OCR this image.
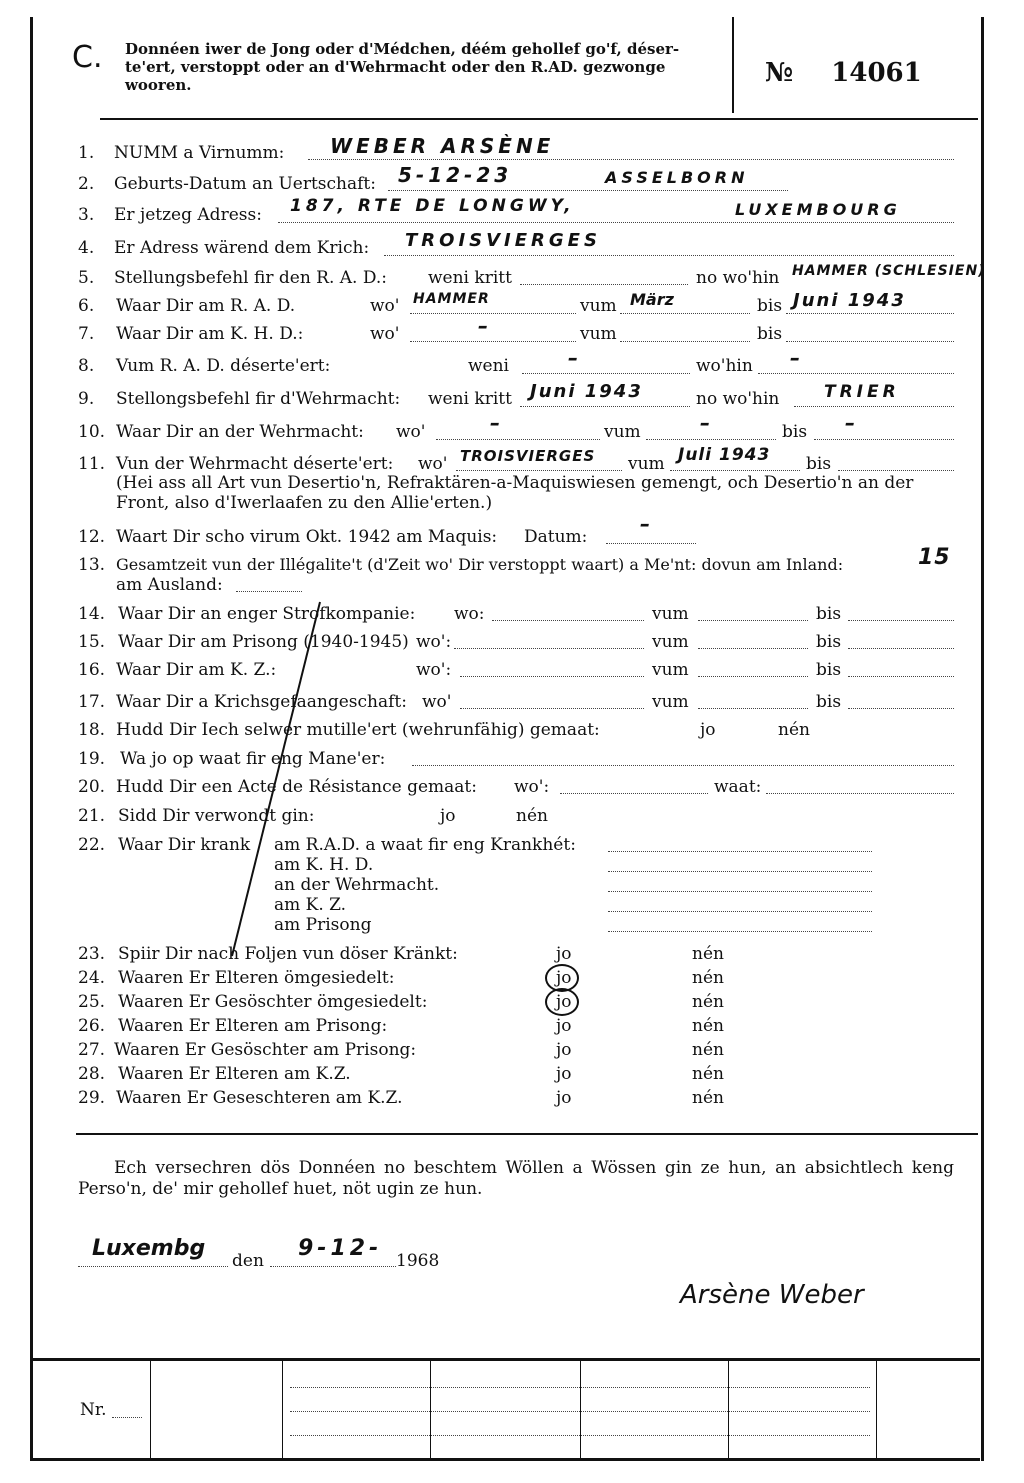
C. Donnéen iwer de Jong oder d'Médchen, déém gehollef go'f, déser-te'ert, verstoppt oder an d'Wehrmacht oder den R.AD. gezwonge wooren.	№ 14061
1. NUMM a Virnumm: WEBER ARSÈNE
2. Geburts-Datum an Uertschaft: 5-12-23	ASSELBORN
3. Er jetzeg Adress: 187, RTE DE LONGWY,	LUXEMBOURG
4. Er Adress wärend dem Krich: TROISVIERGES
5. Stellungsbefehl fir den R. A. D.: weni kritt	no wo'hin HAMMER (SCHLESIEN)
6. Waar Dir am R. A. D.	wo' HAMMER	vum März	bis Juni 1943
7. Waar Dir am K. H. D.:	wo'	–	vum	bis
8. Vum R. A. D. déserte'ert:	weni	–	wo'hin –
9. Stellongsbefehl fir d'Wehrmacht: weni kritt Juni 1943	no wo'hin	TRIER
10. Waar Dir an der Wehrmacht: wo'	–	vum	–	bis –
11. Vun der Wehrmacht déserte'ert: wo' TROISVIERGES vum Juli 1943 bis
(Hei ass all Art vun Desertio'n, Refraktären-a-Maquiswiesen gemengt, och Desertio'n an der Front, also d'Iwerlaafen zu den Allie'erten.)
12. Waart Dir scho virum Okt. 1942 am Maquis: Datum:
–
13. Gesamtzeit vun der Illégalite't (d'Zeit wo' Dir verstoppt waart) a Me'nt: dovun am Inland:	15
am Ausland:
14. Waar Dir an enger Strofkompanie: wo:	vum	bis
15. Waar Dir am Prisong (1940-1945) wo':	vum	bis
16. Waar Dir am K. Z.:	wo':	vum	bis
17. Waar Dir a Krichsgefaangeschaft: wo'	vum	bis
18. Hudd Dir Iech selwer mutille'ert (wehrunfähig) gemaat:	jo	nén
19. Wa jo op waat fir eng Mane'er:
20. Hudd Dir een Acte de Résistance gemaat: wo':	waat:
21. Sidd Dir verwondt gin:	jo	nén
22. Waar Dir krank am R.A.D. a waat fir eng Krankhét:
am K. H. D.
an der Wehrmacht.
am K. Z.
am Prisong
23. Spiir Dir nach Foljen vun döser Kränkt:	jo	nén
24. Waaren Er Elteren ömgesiedelt:	jo	nén
25. Waaren Er Gesöschter ömgesiedelt:	jo	nén
26. Waaren Er Elteren am Prisong:	jo	nén
27. Waaren Er Gesöschter am Prisong:	jo	nén
28. Waaren Er Elteren am K.Z.	jo	nén
29. Waaren Er Geseschteren am K.Z.	jo	nén
Ech versechren dös Donnéen no beschtem Wöllen a Wössen gin ze hun, an absichtlech keng Perso'n, de' mir gehollef huet, nöt ugin ze hun.
Luxembg den 9-12- 1968
Arsène Weber
Nr.
